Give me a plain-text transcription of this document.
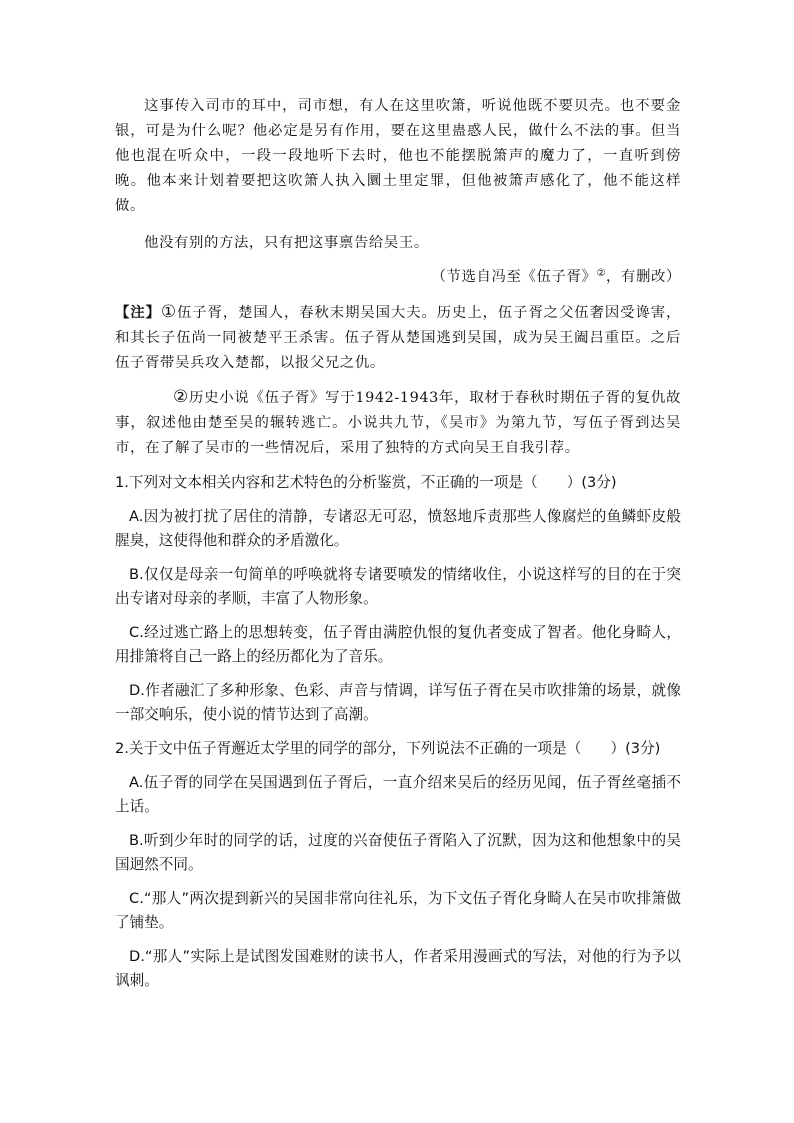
这事传入司市的耳中，司市想，有人在这里吹箫，听说他既不要贝壳。也不要金银，可是为什么呢？他必定是另有作用，要在这里蛊惑人民，做什么不法的事。但当他也混在听众中，一段一段地听下去时，他也不能摆脱箫声的魔力了，一直听到傍晚。他本来计划着要把这吹箫人执入圜土里定罪，但他被箫声感化了，他不能这样做。

他没有别的方法，只有把这事禀告给吴王。

（节选自冯至《伍子胥》②，有删改）

【注】①伍子胥，楚国人，春秋末期吴国大夫。历史上，伍子胥之父伍奢因受谗害，和其长子伍尚一同被楚平王杀害。伍子胥从楚国逃到吴国，成为吴王阖吕重臣。之后伍子胥带吴兵攻入楚都，以报父兄之仇。

②历史小说《伍子胥》写于1942-1943年，取材于春秋时期伍子胥的复仇故事，叙述他由楚至吴的辗转逃亡。小说共九节，《吴市》为第九节，写伍子胥到达吴市，在了解了吴市的一些情况后，采用了独特的方式向吴王自我引荐。

1.下列对文本相关内容和艺术特色的分析鉴赏，不正确的一项是（　　）(3分)

A.因为被打扰了居住的清静，专诸忍无可忍，愤怒地斥责那些人像腐烂的鱼鳞虾皮般腥臭，这使得他和群众的矛盾激化。

B.仅仅是母亲一句简单的呼唤就将专诸要喷发的情绪收住，小说这样写的目的在于突出专诸对母亲的孝顺，丰富了人物形象。

C.经过逃亡路上的思想转变，伍子胥由满腔仇恨的复仇者变成了智者。他化身畸人，用排箫将自己一路上的经历都化为了音乐。

D.作者融汇了多种形象、色彩、声音与情调，详写伍子胥在吴市吹排箫的场景，就像一部交响乐，使小说的情节达到了高潮。

2.关于文中伍子胥邂近太学里的同学的部分，下列说法不正确的一项是（　　）(3分)

A.伍子胥的同学在吴国遇到伍子胥后，一直介绍来吴后的经历见闻，伍子胥丝毫插不上话。

B.听到少年时的同学的话，过度的兴奋使伍子胥陷入了沉默，因为这和他想象中的吴国迥然不同。

C.“那人”两次提到新兴的吴国非常向往礼乐，为下文伍子胥化身畸人在吴市吹排箫做了铺垫。

D.“那人”实际上是试图发国难财的读书人，作者采用漫画式的写法，对他的行为予以讽刺。
